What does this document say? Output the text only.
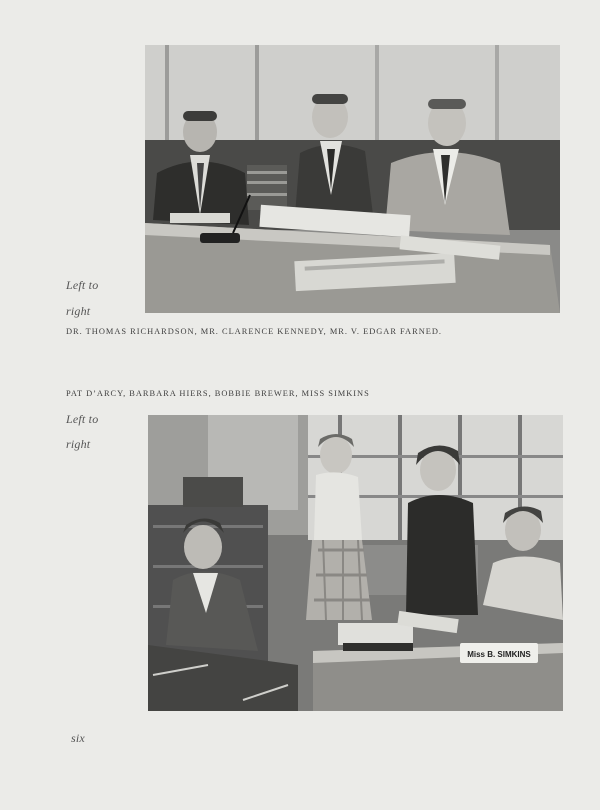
Left to
right
DR. THOMAS RICHARDSON, MR. CLARENCE KENNEDY, MR. V. EDGAR FARNED.
PAT D’ARCY, BARBARA HIERS, BOBBIE BREWER, MISS SIMKINS
Left to
right
Miss B. SIMKINS
six
